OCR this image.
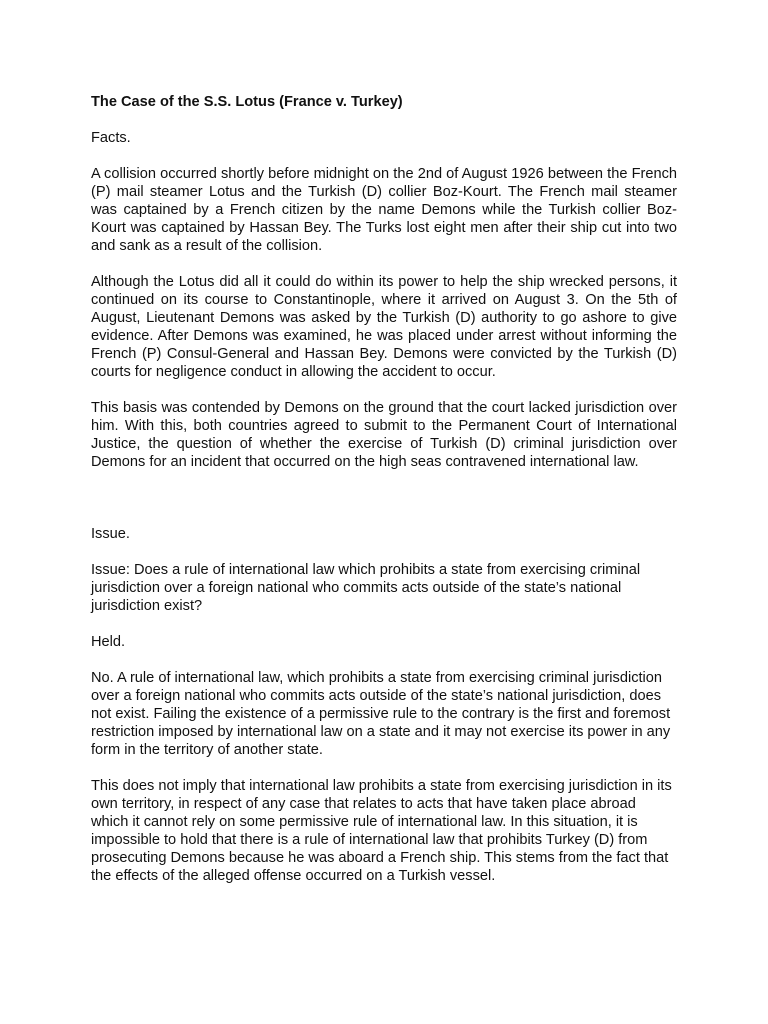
The Case of the S.S. Lotus (France v. Turkey)

Facts.

A collision occurred shortly before midnight on the 2nd of August 1926 between the French (P) mail steamer Lotus and the Turkish (D) collier Boz-Kourt. The French mail steamer was captained by a French citizen by the name Demons while the Turkish collier Boz-Kourt was captained by Hassan Bey. The Turks lost eight men after their ship cut into two and sank as a result of the collision.

Although the Lotus did all it could do within its power to help the ship wrecked persons, it continued on its course to Constantinople, where it arrived on August 3. On the 5th of August, Lieutenant Demons was asked by the Turkish (D) authority to go ashore to give evidence. After Demons was examined, he was placed under arrest without informing the French (P) Consul-General and Hassan Bey. Demons were convicted by the Turkish (D) courts for negligence conduct in allowing the accident to occur.

This basis was contended by Demons on the ground that the court lacked jurisdiction over him. With this, both countries agreed to submit to the Permanent Court of International Justice, the question of whether the exercise of Turkish (D) criminal jurisdiction over Demons for an incident that occurred on the high seas contravened international law.

Issue.

Issue: Does a rule of international law which prohibits a state from exercising criminal jurisdiction over a foreign national who commits acts outside of the state’s national jurisdiction exist?

Held.

No. A rule of international law, which prohibits a state from exercising criminal jurisdiction over a foreign national who commits acts outside of the state’s national jurisdiction, does not exist. Failing the existence of a permissive rule to the contrary is the first and foremost restriction imposed by international law on a state and it may not exercise its power in any form in the territory of another state.

This does not imply that international law prohibits a state from exercising jurisdiction in its own territory, in respect of any case that relates to acts that have taken place abroad which it cannot rely on some permissive rule of international law. In this situation, it is impossible to hold that there is a rule of international law that prohibits Turkey (D) from prosecuting Demons because he was aboard a French ship. This stems from the fact that the effects of the alleged offense occurred on a Turkish vessel.
